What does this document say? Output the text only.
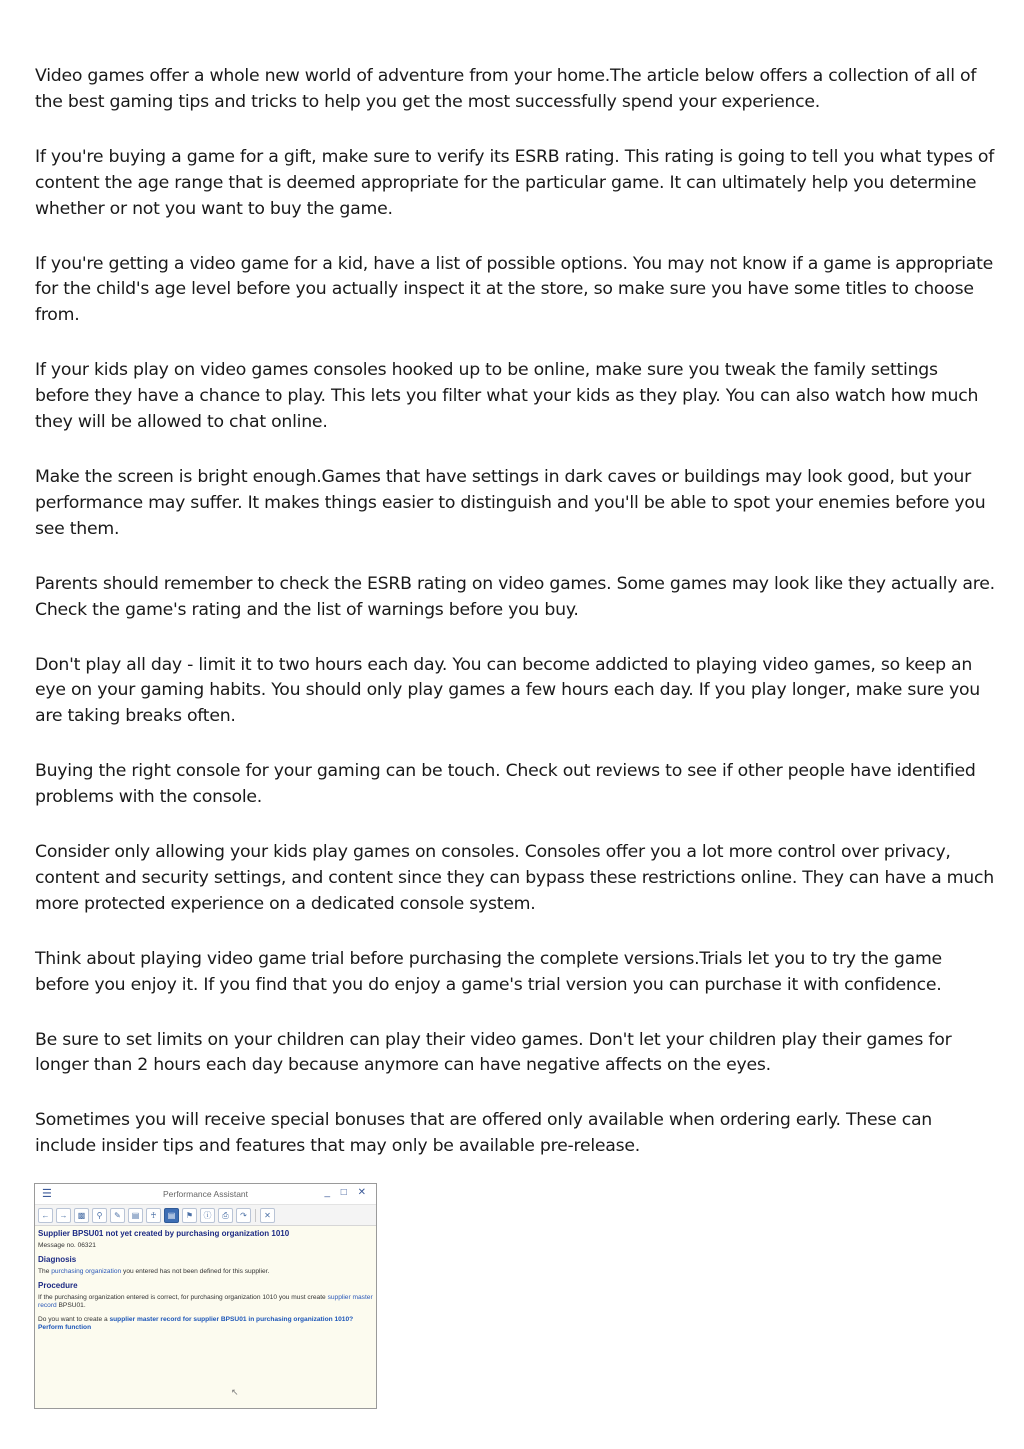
Video games offer a whole new world of adventure from your home.The article below offers a collection of all of the best gaming tips and tricks to help you get the most successfully spend your experience.

If you're buying a game for a gift, make sure to verify its ESRB rating. This rating is going to tell you what types of content the age range that is deemed appropriate for the particular game. It can ultimately help you determine whether or not you want to buy the game.

If you're getting a video game for a kid, have a list of possible options. You may not know if a game is appropriate for the child's age level before you actually inspect it at the store, so make sure you have some titles to choose from.

If your kids play on video games consoles hooked up to be online, make sure you tweak the family settings before they have a chance to play. This lets you filter what your kids as they play. You can also watch how much they will be allowed to chat online.

Make the screen is bright enough.Games that have settings in dark caves or buildings may look good, but your performance may suffer. It makes things easier to distinguish and you'll be able to spot your enemies before you see them.

Parents should remember to check the ESRB rating on video games. Some games may look like they actually are. Check the game's rating and the list of warnings before you buy.

Don't play all day - limit it to two hours each day. You can become addicted to playing video games, so keep an eye on your gaming habits. You should only play games a few hours each day. If you play longer, make sure you are taking breaks often.

Buying the right console for your gaming can be touch. Check out reviews to see if other people have identified problems with the console.

Consider only allowing your kids play games on consoles. Consoles offer you a lot more control over privacy, content and security settings, and content since they can bypass these restrictions online. They can have a much more protected experience on a dedicated console system.

Think about playing video game trial before purchasing the complete versions.Trials let you to try the game before you enjoy it. If you find that you do enjoy a game's trial version you can purchase it with confidence.

Be sure to set limits on your children can play their video games. Don't let your children play their games for longer than 2 hours each day because anymore can have negative affects on the eyes.

Sometimes you will receive special bonuses that are offered only available when ordering early. These can include insider tips and features that may only be available pre-release.

☰	Performance Assistant	_ □ ✕
←	→	▩	⚲	✎	▤	♰	▤	⚑	ⓘ	⎙	↷	✕

Supplier BPSU01 not yet created by purchasing organization 1010

Message no. 06321

Diagnosis

The purchasing organization you entered has not been defined for this supplier.

Procedure

If the purchasing organization entered is correct, for purchasing organization 1010 you must create supplier master record BPSU01.

Do you want to create a supplier master record for supplier BPSU01 in purchasing organization 1010?

Perform function

↖
